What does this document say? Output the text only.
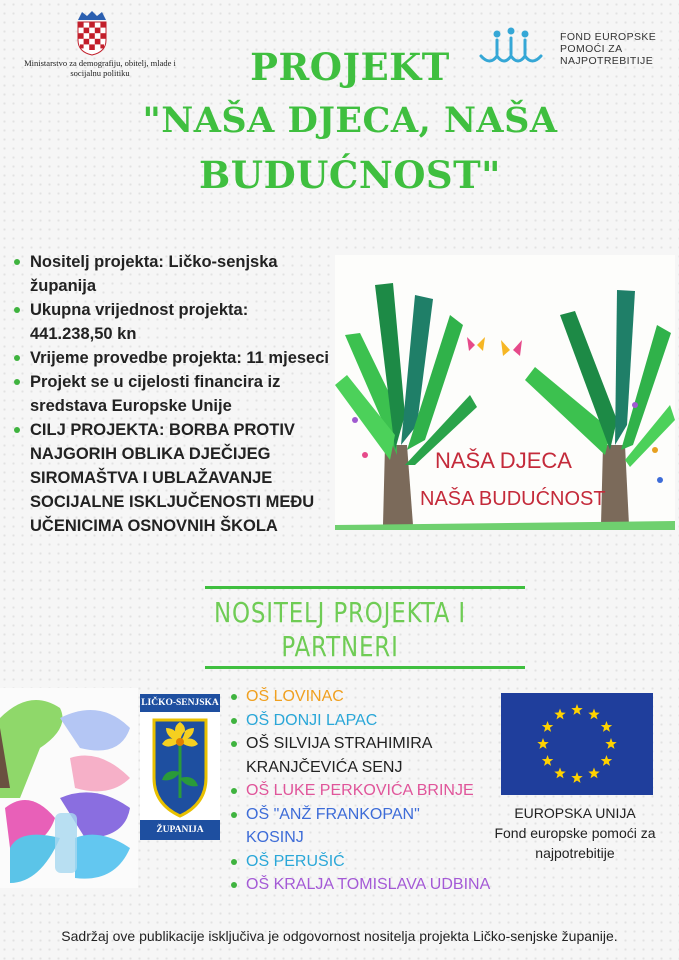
Ministarstvo za demografiju, obitelj, mlade i socijalnu politiku
FOND EUROPSKE POMOĆI ZA NAJPOTREBITIJE
PROJEKT
"NAŠA DJECA, NAŠA
BUDUĆNOST"
Nositelj projekta: Ličko-senjska županija
Ukupna vrijednost projekta: 441.238,50 kn
Vrijeme provedbe projekta: 11 mjeseci
Projekt se u cijelosti financira iz sredstava Europske Unije
CILJ PROJEKTA: BORBA PROTIV NAJGORIH OBLIKA DJEČIJEG SIROMAŠTVA I UBLAŽAVANJE SOCIJALNE ISKLJUČENOSTI MEĐU UČENICIMA OSNOVNIH ŠKOLA
NAŠA DJECA
NAŠA BUDUĆNOST
NOSITELJ PROJEKTA I PARTNERI
LIČKO-SENJSKA
ŽUPANIJA
OŠ LOVINAC
OŠ DONJI LAPAC
OŠ SILVIJA STRAHIMIRA KRANJČEVIĆA SENJ
OŠ LUKE PERKOVIĆA BRINJE
OŠ "ANŽ FRANKOPAN" KOSINJ
OŠ PERUŠIĆ
OŠ KRALJA TOMISLAVA UDBINA
EUROPSKA UNIJA
Fond europske pomoći za najpotrebitije
Sadržaj ove publikacije isključiva je odgovornost nositelja projekta Ličko-senjske županije.
